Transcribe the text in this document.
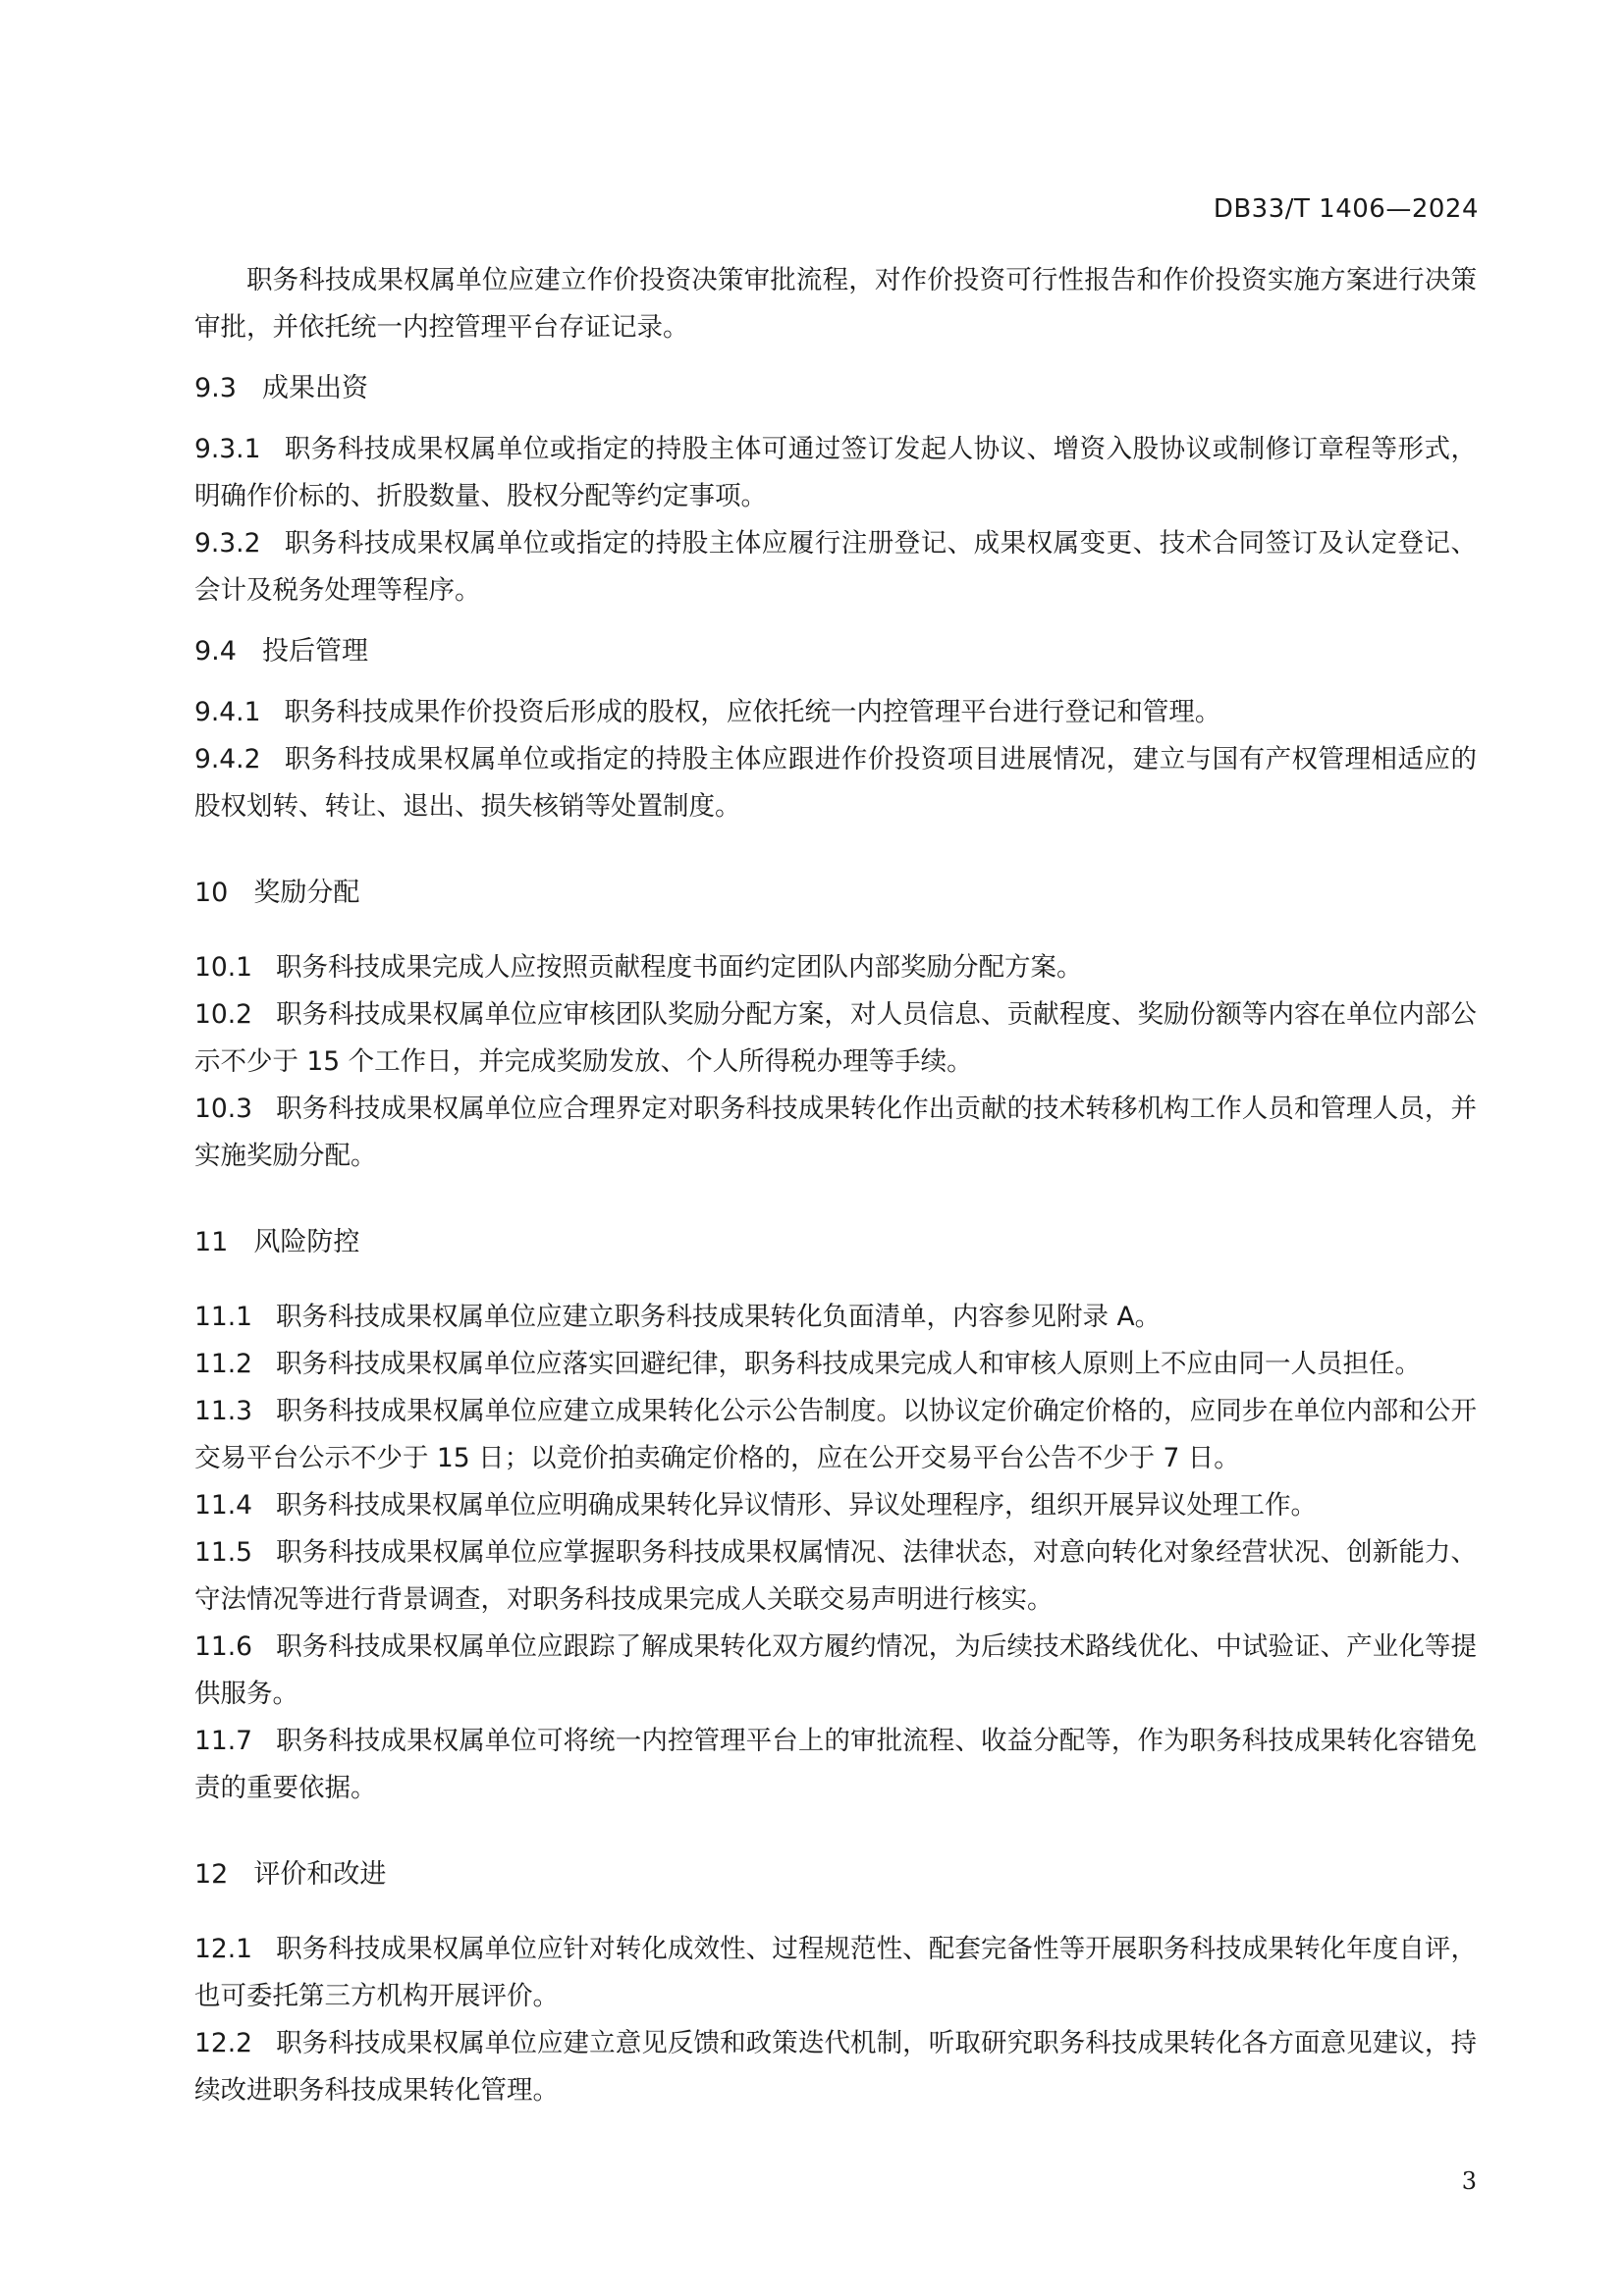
DB33/T 1406—2024

职务科技成果权属单位应建立作价投资决策审批流程，对作价投资可行性报告和作价投资实施方案进行决策审批，并依托统一内控管理平台存证记录。

9.3 成果出资

9.3.1 职务科技成果权属单位或指定的持股主体可通过签订发起人协议、增资入股协议或制修订章程等形式，明确作价标的、折股数量、股权分配等约定事项。

9.3.2 职务科技成果权属单位或指定的持股主体应履行注册登记、成果权属变更、技术合同签订及认定登记、会计及税务处理等程序。

9.4 投后管理

9.4.1 职务科技成果作价投资后形成的股权，应依托统一内控管理平台进行登记和管理。

9.4.2 职务科技成果权属单位或指定的持股主体应跟进作价投资项目进展情况，建立与国有产权管理相适应的股权划转、转让、退出、损失核销等处置制度。

10 奖励分配

10.1 职务科技成果完成人应按照贡献程度书面约定团队内部奖励分配方案。

10.2 职务科技成果权属单位应审核团队奖励分配方案，对人员信息、贡献程度、奖励份额等内容在单位内部公示不少于 15 个工作日，并完成奖励发放、个人所得税办理等手续。

10.3 职务科技成果权属单位应合理界定对职务科技成果转化作出贡献的技术转移机构工作人员和管理人员，并实施奖励分配。

11 风险防控

11.1 职务科技成果权属单位应建立职务科技成果转化负面清单，内容参见附录 A。

11.2 职务科技成果权属单位应落实回避纪律，职务科技成果完成人和审核人原则上不应由同一人员担任。

11.3 职务科技成果权属单位应建立成果转化公示公告制度。以协议定价确定价格的，应同步在单位内部和公开交易平台公示不少于 15 日；以竞价拍卖确定价格的，应在公开交易平台公告不少于 7 日。

11.4 职务科技成果权属单位应明确成果转化异议情形、异议处理程序，组织开展异议处理工作。

11.5 职务科技成果权属单位应掌握职务科技成果权属情况、法律状态，对意向转化对象经营状况、创新能力、守法情况等进行背景调查，对职务科技成果完成人关联交易声明进行核实。

11.6 职务科技成果权属单位应跟踪了解成果转化双方履约情况，为后续技术路线优化、中试验证、产业化等提供服务。

11.7 职务科技成果权属单位可将统一内控管理平台上的审批流程、收益分配等，作为职务科技成果转化容错免责的重要依据。

12 评价和改进

12.1 职务科技成果权属单位应针对转化成效性、过程规范性、配套完备性等开展职务科技成果转化年度自评，也可委托第三方机构开展评价。

12.2 职务科技成果权属单位应建立意见反馈和政策迭代机制，听取研究职务科技成果转化各方面意见建议，持续改进职务科技成果转化管理。

3
